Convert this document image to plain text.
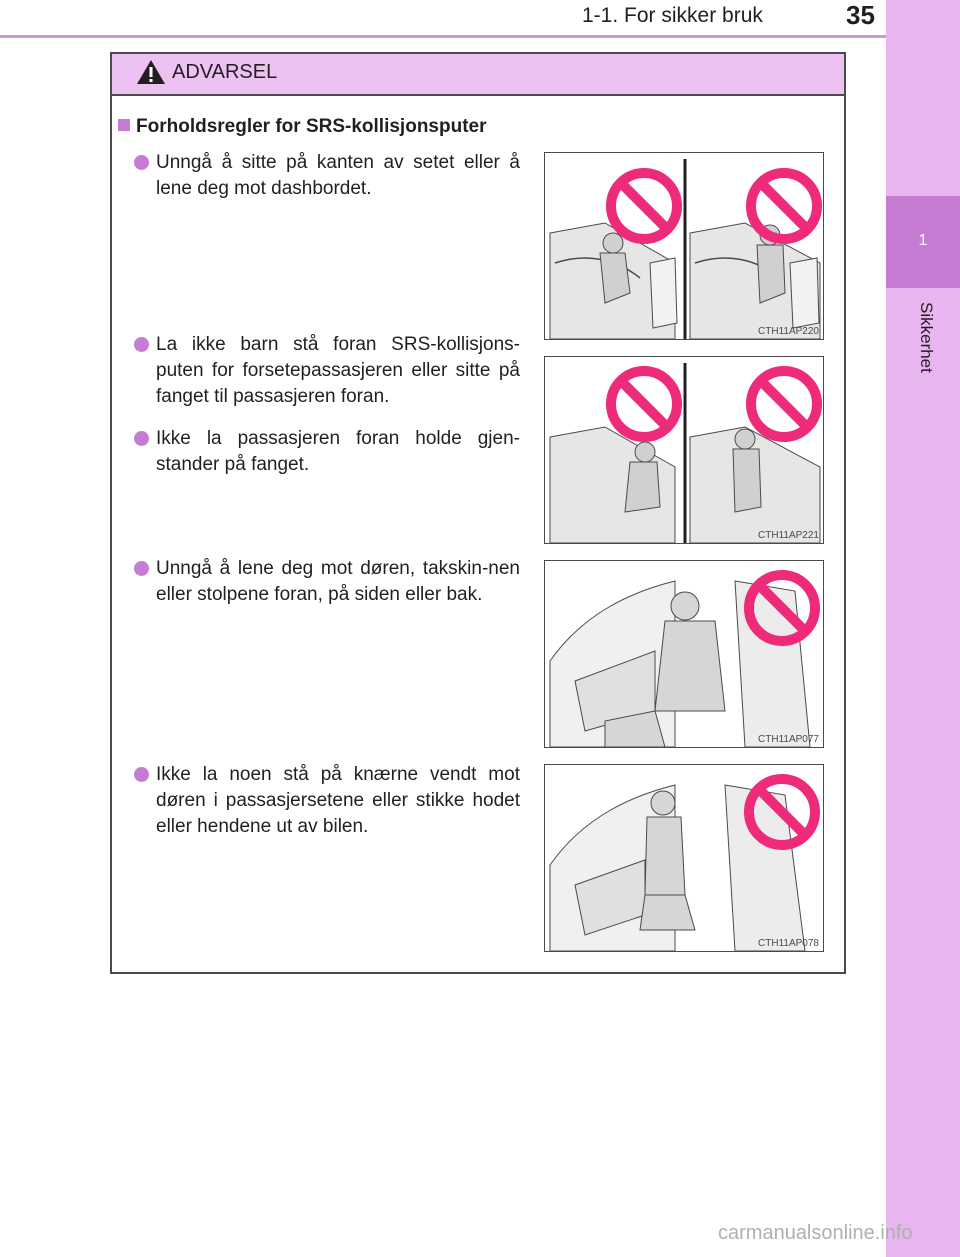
1-1. For sikker bruk	35
1
Sikkerhet
ADVARSEL
Forholdsregler for SRS-kollisjonsputer
Unngå å sitte på kanten av setet eller å lene deg mot dashbordet.
La ikke barn stå foran SRS-kollisjons-puten for forsetepassasjeren eller sitte på fanget til passasjeren foran.
Ikke la passasjeren foran holde gjen-stander på fanget.
Unngå å lene deg mot døren, takskin-nen eller stolpene foran, på siden eller bak.
Ikke la noen stå på knærne vendt mot døren i passasjersetene eller stikke hodet eller hendene ut av bilen.
CTH11AP220
CTH11AP221
CTH11AP077
CTH11AP078
carmanualsonline.info
